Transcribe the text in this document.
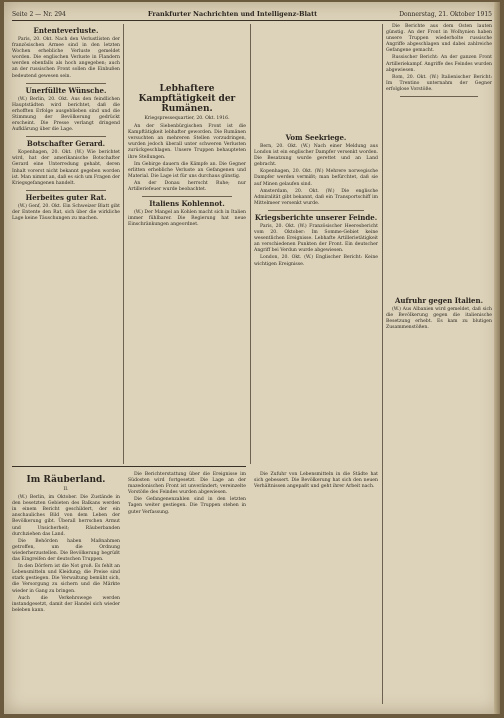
Seite 2 — Nr. 294	Frankfurter Nachrichten und Intelligenz-Blatt	Donnerstag, 21. Oktober 1915
Ententeverluste.

Paris, 20. Okt. Nach den Verlustlisten der französischen Armee sind in den letzten Wochen erhebliche Verluste gemeldet worden. Die englischen Verluste in Flandern werden ebenfalls als hoch angegeben; auch an der russischen Front sollen die Einbußen bedeutend gewesen sein.

Unerfüllte Wünsche.

(W.) Berlin, 20. Okt. Aus den feindlichen Hauptstädten wird berichtet, daß die erhofften Erfolge ausgeblieben sind und die Stimmung der Bevölkerung gedrückt erscheint. Die Presse verlangt dringend Aufklärung über die Lage.

Botschafter Gerard.

Kopenhagen, 20. Okt. (W.) Wie berichtet wird, hat der amerikanische Botschafter Gerard eine Unterredung gehabt, deren Inhalt vorerst nicht bekannt gegeben worden ist. Man nimmt an, daß es sich um Fragen der Kriegsgefangenen handelt.

Herbeites guter Rat.

(W.) Genf, 20. Okt. Ein Schweizer Blatt gibt der Entente den Rat, sich über die wirkliche Lage keine Täuschungen zu machen.

Lebhaftere Kampftätigkeit der Rumänen.
Kriegspressequartier, 20. Okt. 1916.

An der Siebenbürgischen Front ist die Kampftätigkeit lebhafter geworden. Die Rumänen versuchten an mehreren Stellen vorzudringen, wurden jedoch überall unter schweren Verlusten zurückgeschlagen. Unsere Truppen behaupteten ihre Stellungen.

Im Gebirge dauern die Kämpfe an. Die Gegner erlitten erhebliche Verluste an Gefangenen und Material. Die Lage ist für uns durchaus günstig.

An der Donau herrscht Ruhe; nur Artilleriefeuer wurde beobachtet.

Italiens Kohlennot.

(W.) Der Mangel an Kohlen macht sich in Italien immer fühlbarer. Die Regierung hat neue Einschränkungen angeordnet.

Vom Seekriege.

Bern, 20. Okt. (W.) Nach einer Meldung aus London ist ein englischer Dampfer versenkt worden. Die Besatzung wurde gerettet und an Land gebracht.

Kopenhagen, 20. Okt. (W.) Mehrere norwegische Dampfer werden vermißt; man befürchtet, daß sie auf Minen gelaufen sind.

Amsterdam, 20. Okt. (W.) Die englische Admiralität gibt bekannt, daß ein Transportschiff im Mittelmeer versenkt wurde.

Kriegsberichte unserer Feinde.

Paris, 20. Okt. (W.) Französischer Heeresbericht vom 20. Oktober: Im Somme-Gebiet keine wesentlichen Ereignisse. Lebhafte Artillerietätigkeit an verschiedenen Punkten der Front. Ein deutscher Angriff bei Verdun wurde abgewiesen.

London, 20. Okt. (W.) Englischer Bericht: Keine wichtigen Ereignisse.

Die Berichte aus dem Osten lauten günstig. An der Front in Wolhynien haben unsere Truppen wiederholte russische Angriffe abgeschlagen und dabei zahlreiche Gefangene gemacht.

Russischer Bericht: An der ganzen Front Artilleriekampf. Angriffe des Feindes wurden abgewiesen.

Rom, 20. Okt. (W.) Italienischer Bericht: Im Trentino unternahm der Gegner erfolglose Vorstöße.

Aufruhr gegen Italien.

(W.) Aus Albanien wird gemeldet, daß sich die Bevölkerung gegen die italienische Besetzung erhebt. Es kam zu blutigen Zusammenstößen.

Im Räuberland.
II.

(W.) Berlin, im Oktober. Die Zustände in den besetzten Gebieten des Balkans werden in einem Bericht geschildert, der ein anschauliches Bild von dem Leben der Bevölkerung gibt. Überall herrschen Armut und Unsicherheit; Räuberbanden durchziehen das Land.

Die Behörden haben Maßnahmen getroffen, um die Ordnung wiederherzustellen. Die Bevölkerung begrüßt das Eingreifen der deutschen Truppen.

In den Dörfern ist die Not groß. Es fehlt an Lebensmitteln und Kleidung; die Preise sind stark gestiegen. Die Verwaltung bemüht sich, die Versorgung zu sichern und die Märkte wieder in Gang zu bringen.

Auch die Verkehrswege werden instandgesetzt, damit der Handel sich wieder beleben kann.

Die Berichterstattung über die Ereignisse im Südosten wird fortgesetzt. Die Lage an der mazedonischen Front ist unverändert; vereinzelte Vorstöße des Feindes wurden abgewiesen.

Die Gefangenenzahlen sind in den letzten Tagen weiter gestiegen. Die Truppen stehen in guter Verfassung.

Die Zufuhr von Lebensmitteln in die Städte hat sich gebessert. Die Bevölkerung hat sich den neuen Verhältnissen angepaßt und geht ihrer Arbeit nach.
